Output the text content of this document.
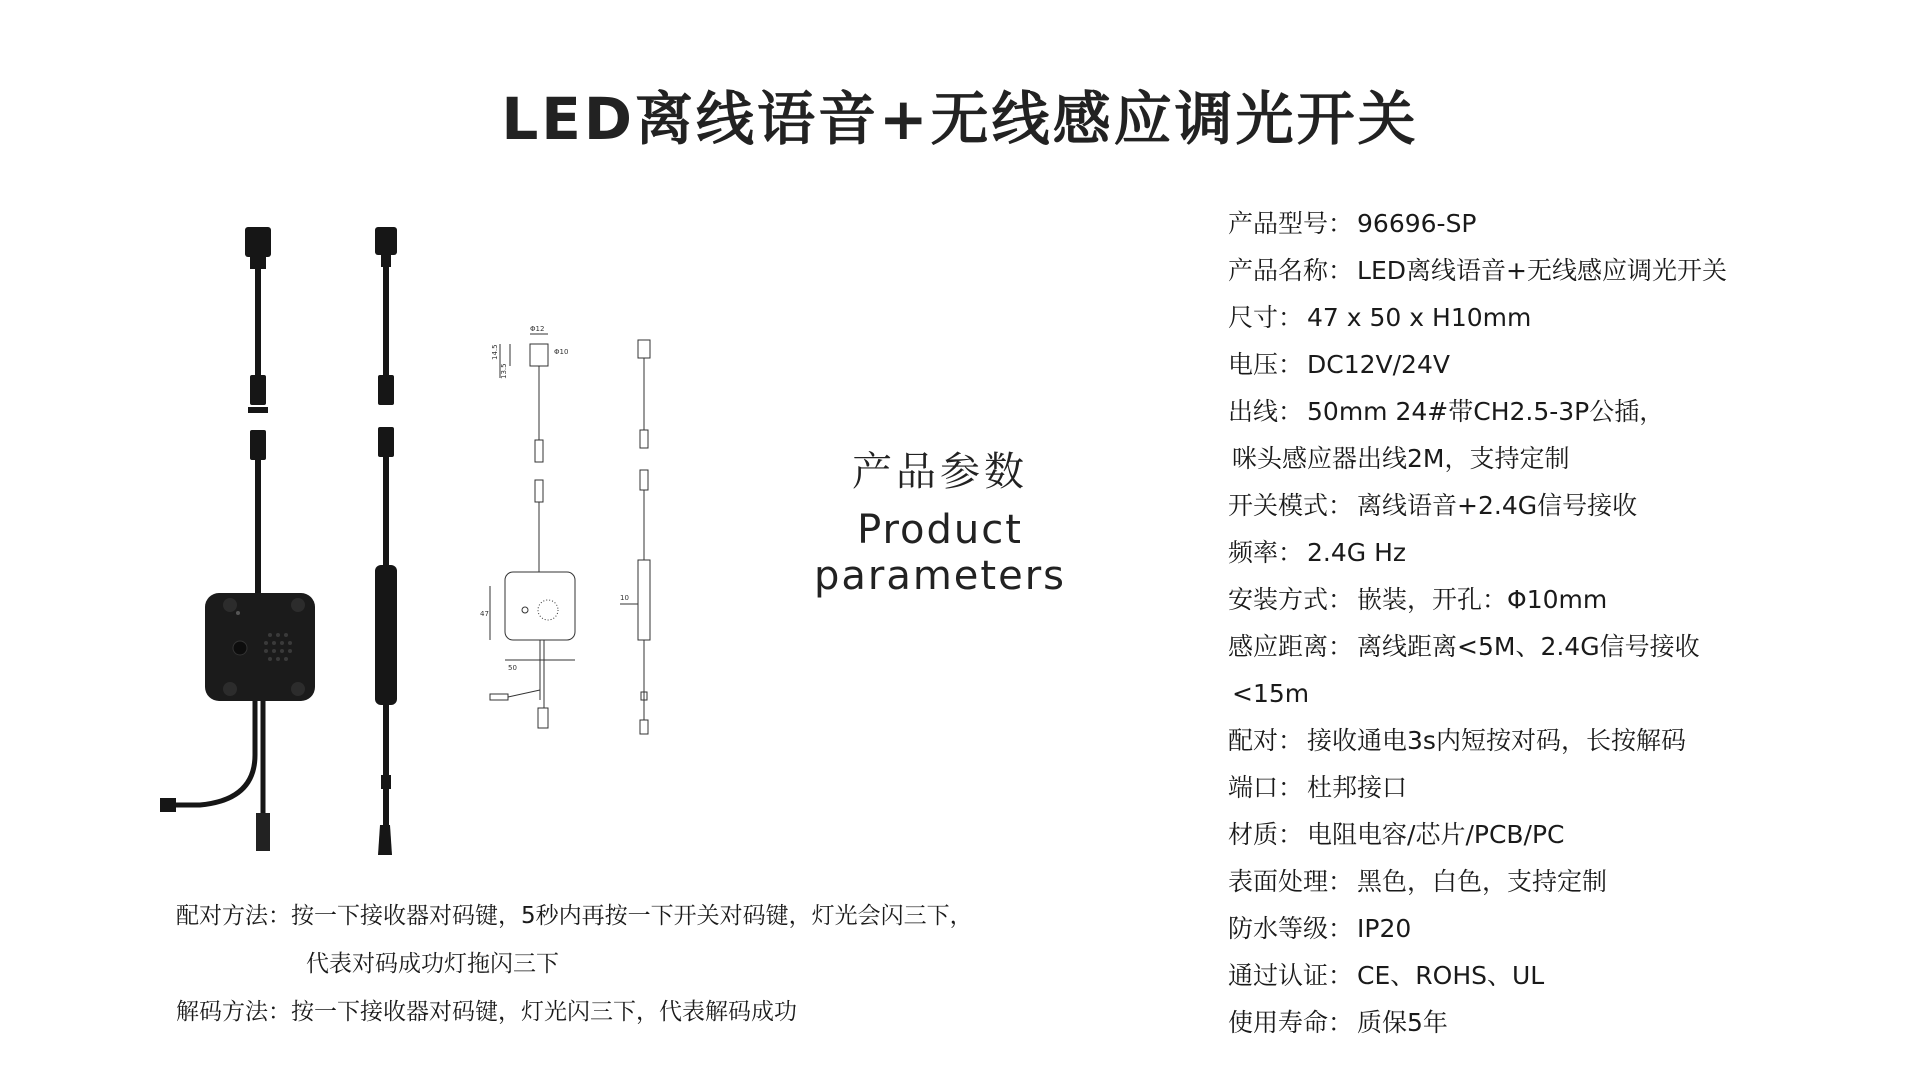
LED离线语音+无线感应调光开关
14.5
13.5
Φ12
Φ10
47
50
10
产品参数
Product parameters
产品型号： 96696-SP
产品名称： LED离线语音+无线感应调光开关
尺寸： 47 x 50 x H10mm
电压： DC12V/24V
出线： 50mm 24#带CH2.5-3P公插，
咪头感应器出线2M，支持定制
开关模式： 离线语音+2.4G信号接收
频率： 2.4G Hz
安装方式： 嵌装，开孔：Φ10mm
感应距离： 离线距离<5M、2.4G信号接收
<15m
配对： 接收通电3s内短按对码，长按解码
端口： 杜邦接口
材质： 电阻电容/芯片/PCB/PC
表面处理： 黑色，白色，支持定制
防水等级： IP20
通过认证： CE、ROHS、UL
使用寿命： 质保5年
配对方法：按一下接收器对码键，5秒内再按一下开关对码键，灯光会闪三下，
代表对码成功灯拖闪三下
解码方法：按一下接收器对码键，灯光闪三下，代表解码成功
